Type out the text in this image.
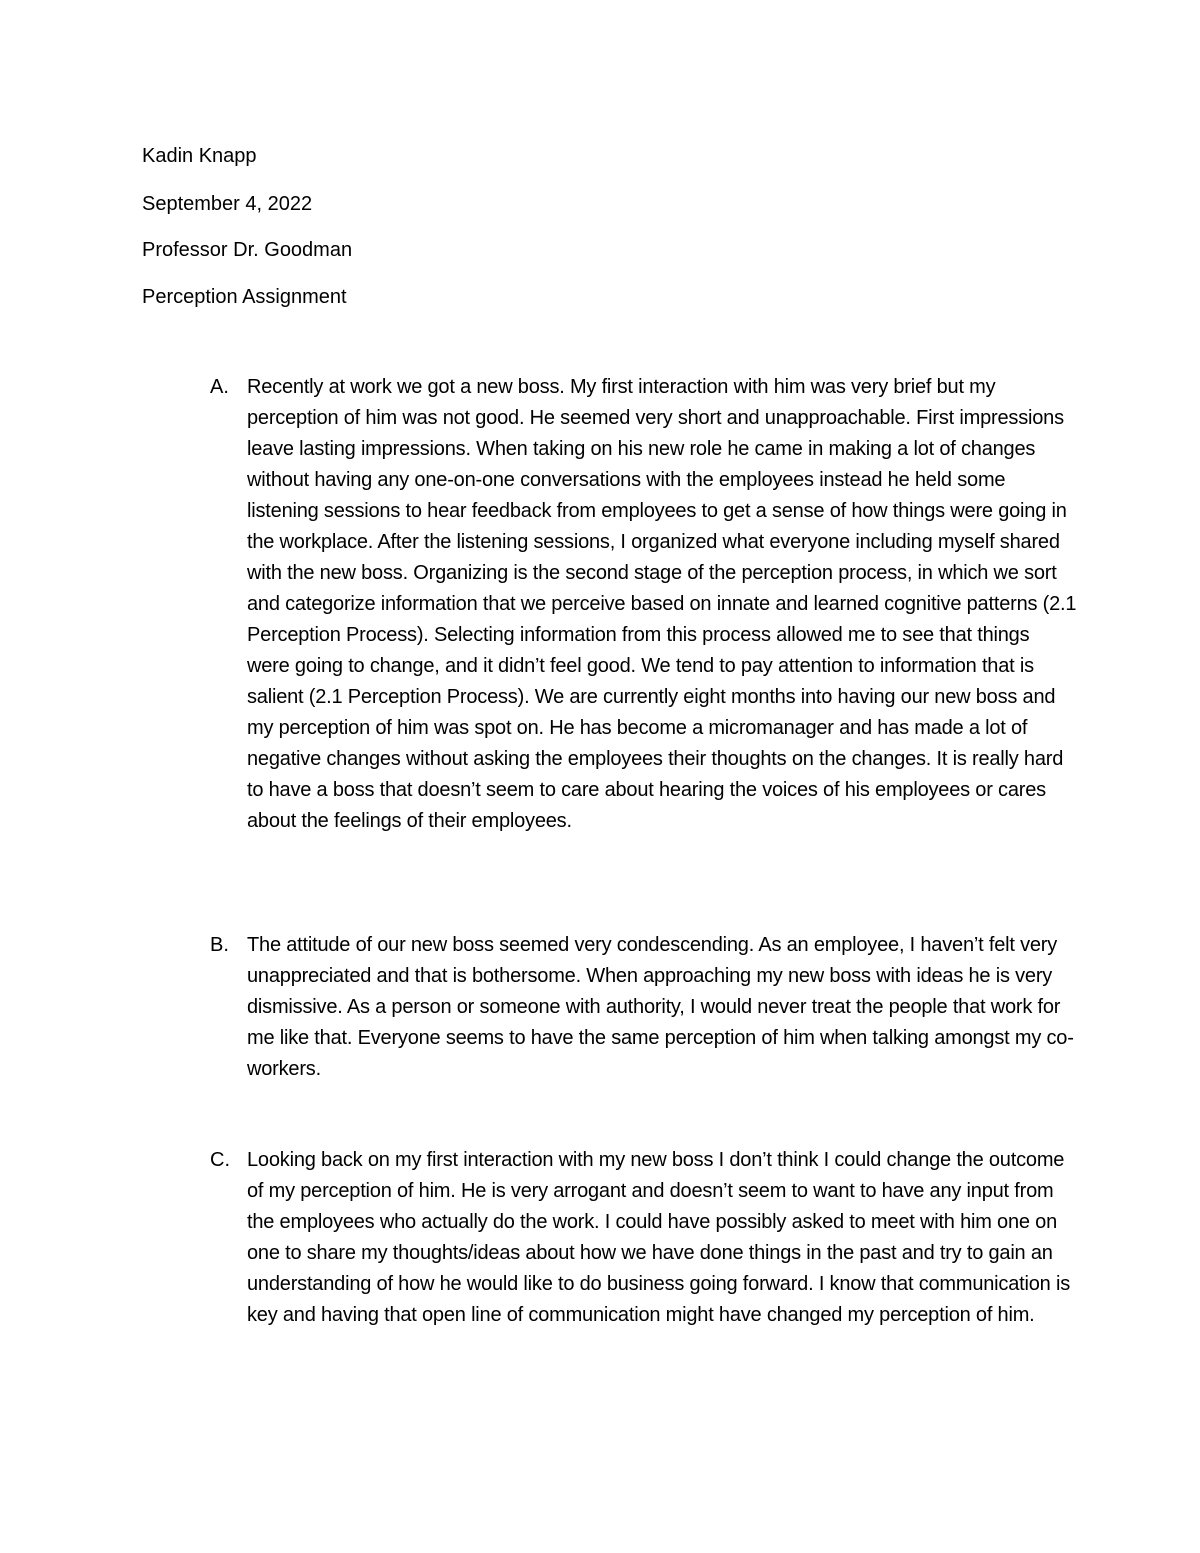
Kadin Knapp
September 4, 2022
Professor Dr. Goodman
Perception Assignment
A. Recently at work we got a new boss. My first interaction with him was very brief but my perception of him was not good. He seemed very short and unapproachable. First impressions leave lasting impressions. When taking on his new role he came in making a lot of changes without having any one-on-one conversations with the employees instead he held some listening sessions to hear feedback from employees to get a sense of how things were going in the workplace. After the listening sessions, I organized what everyone including myself shared with the new boss. Organizing is the second stage of the perception process, in which we sort and categorize information that we perceive based on innate and learned cognitive patterns (2.1 Perception Process). Selecting information from this process allowed me to see that things were going to change, and it didn’t feel good. We tend to pay attention to information that is salient (2.1 Perception Process). We are currently eight months into having our new boss and my perception of him was spot on. He has become a micromanager and has made a lot of negative changes without asking the employees their thoughts on the changes. It is really hard to have a boss that doesn’t seem to care about hearing the voices of his employees or cares about the feelings of their employees.
B. The attitude of our new boss seemed very condescending. As an employee, I haven’t felt very unappreciated and that is bothersome. When approaching my new boss with ideas he is very dismissive. As a person or someone with authority, I would never treat the people that work for me like that. Everyone seems to have the same perception of him when talking amongst my co-workers.
C. Looking back on my first interaction with my new boss I don’t think I could change the outcome of my perception of him. He is very arrogant and doesn’t seem to want to have any input from the employees who actually do the work. I could have possibly asked to meet with him one on one to share my thoughts/ideas about how we have done things in the past and try to gain an understanding of how he would like to do business going forward. I know that communication is key and having that open line of communication might have changed my perception of him.
